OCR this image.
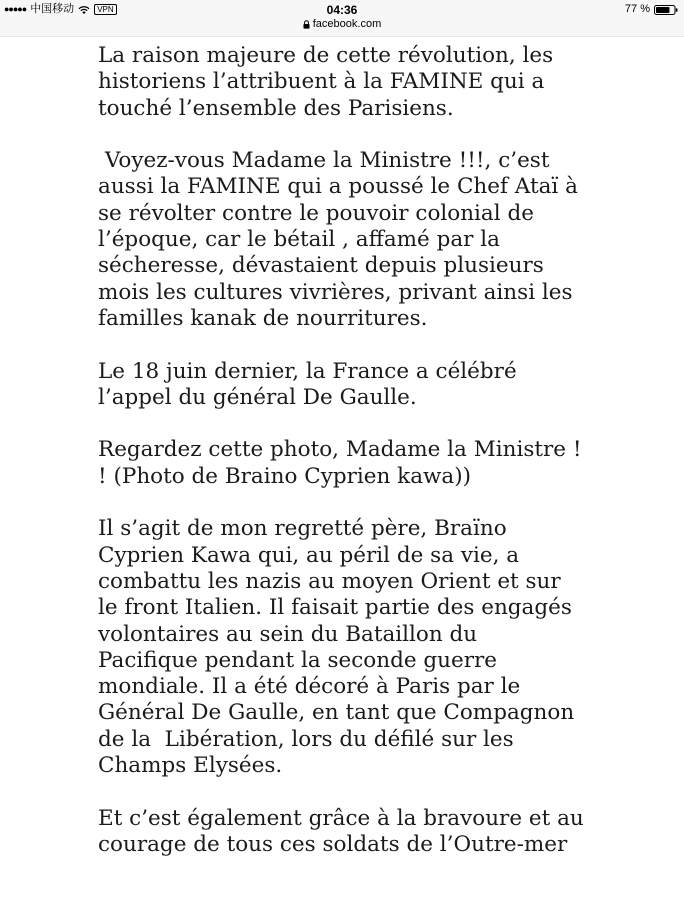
●●●●● 中国移动	VPN	04:36
facebook.com
77 %

La raison majeure de cette révolution, les
historiens l’attribuent à la FAMINE qui a
touché l’ensemble des Parisiens.

Voyez-vous Madame la Ministre !!!, c’est
aussi la FAMINE qui a poussé le Chef Ataï à
se révolter contre le pouvoir colonial de
l’époque, car le bétail , affamé par la
sécheresse, dévastaient depuis plusieurs
mois les cultures vivrières, privant ainsi les
familles kanak de nourritures.

Le 18 juin dernier, la France a célébré
l’appel du général De Gaulle.

Regardez cette photo, Madame la Ministre !
! (Photo de Braino Cyprien kawa))

Il s’agit de mon regretté père, Braïno
Cyprien Kawa qui, au péril de sa vie, a
combattu les nazis au moyen Orient et sur
le front Italien. Il faisait partie des engagés
volontaires au sein du Bataillon du
Pacifique pendant la seconde guerre
mondiale. Il a été décoré à Paris par le
Général De Gaulle, en tant que Compagnon
de la  Libération, lors du défilé sur les
Champs Elysées.

Et c’est également grâce à la bravoure et au
courage de tous ces soldats de l’Outre-mer
